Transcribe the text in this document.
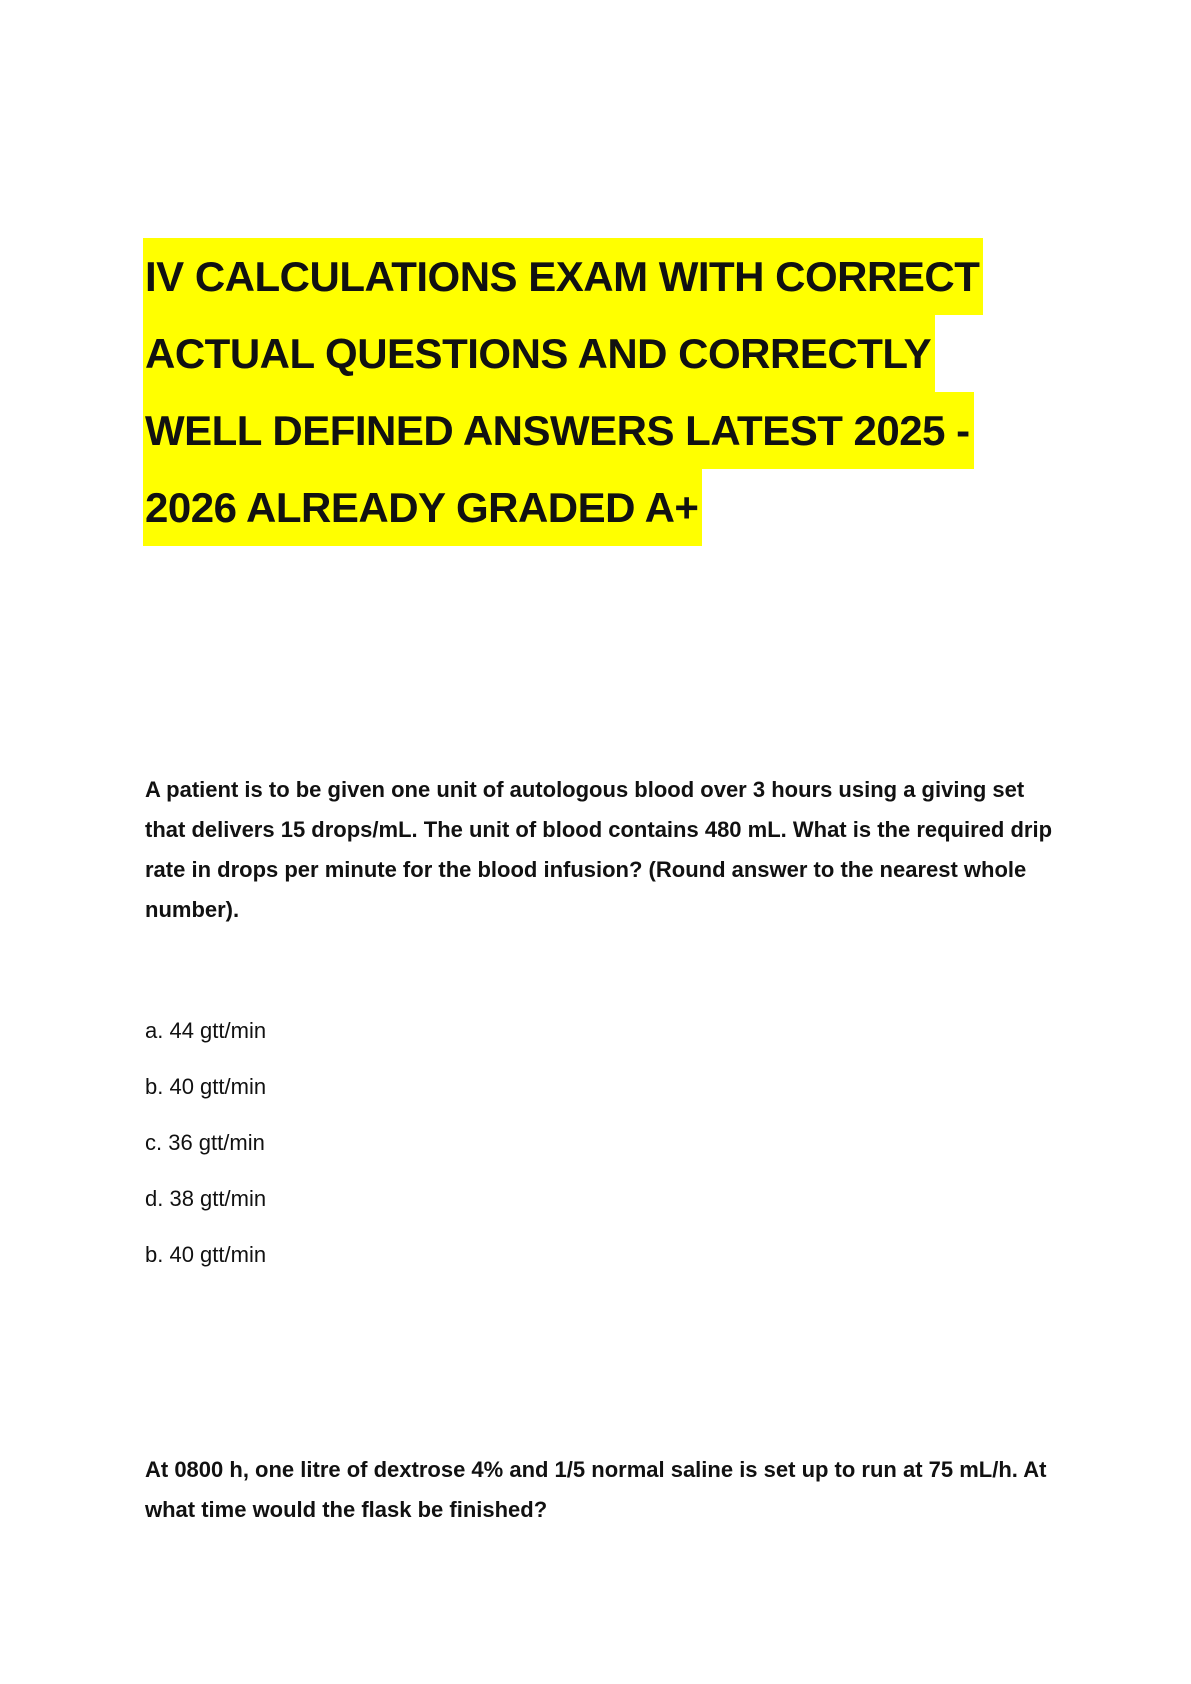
IV CALCULATIONS EXAM WITH CORRECT
ACTUAL QUESTIONS AND CORRECTLY
WELL DEFINED ANSWERS LATEST 2025 -
2026 ALREADY GRADED A+

A patient is to be given one unit of autologous blood over 3 hours using a giving set that delivers 15 drops/mL. The unit of blood contains 480 mL. What is the required drip rate in drops per minute for the blood infusion? (Round answer to the nearest whole number).

a. 44 gtt/min
b. 40 gtt/min
c. 36 gtt/min
d. 38 gtt/min

b. 40 gtt/min

At 0800 h, one litre of dextrose 4% and 1/5 normal saline is set up to run at 75 mL/h. At what time would the flask be finished?
